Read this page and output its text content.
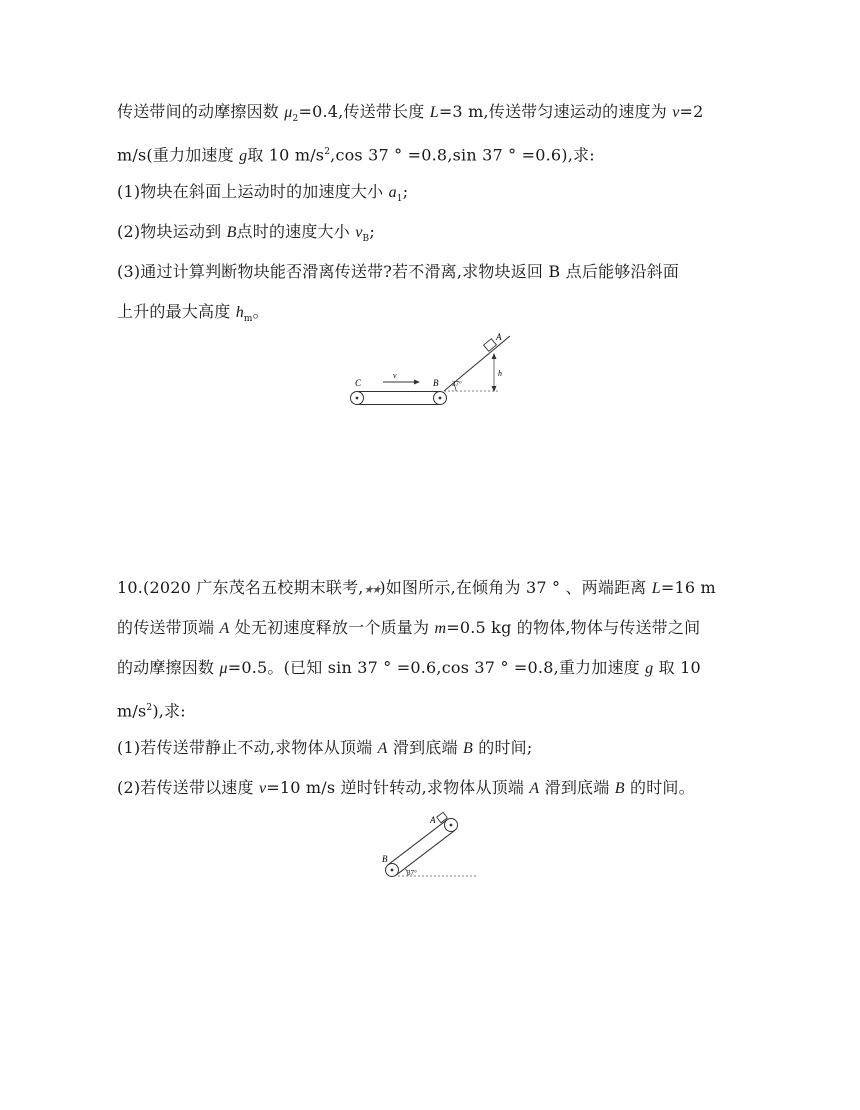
传送带间的动摩擦因数 $\mu_2=0.4$,传送带长度 L=3 m,传送带匀速运动的速度为 v=2
m/s(重力加速度 g取 10 $m/s^2,\cos$ 37 ° =0.8,sin 37 ° =0.6),求:
(1)物块在斜面上运动时的加速度大小 $a_1$;
(2)物块运动到 B点时的速度大小 $v_B$;
(3)通过计算判断物块能否滑离传送带?若不滑离,求物块返回 B 点后能够沿斜面
上升的最大高度 $h_m$。
C	B
A
v	h
37°
10.(2020 广东茂名五校期末联考,★★)如图所示,在倾角为 37 ° 、两端距离 L=16 m
的传送带顶端 A 处无初速度释放一个质量为 m=0.5 kg 的物体,物体与传送带之间
的动摩擦因数 μ=0.5。(已知 sin 37 ° =0.6,cos 37 ° =0.8,重力加速度 g 取 10
$m/s^2$),求:
(1)若传送带静止不动,求物体从顶端 A 滑到底端 B 的时间;
(2)若传送带以速度 v=10 m/s 逆时针转动,求物体从顶端 A 滑到底端 B 的时间。
A
B
37°
